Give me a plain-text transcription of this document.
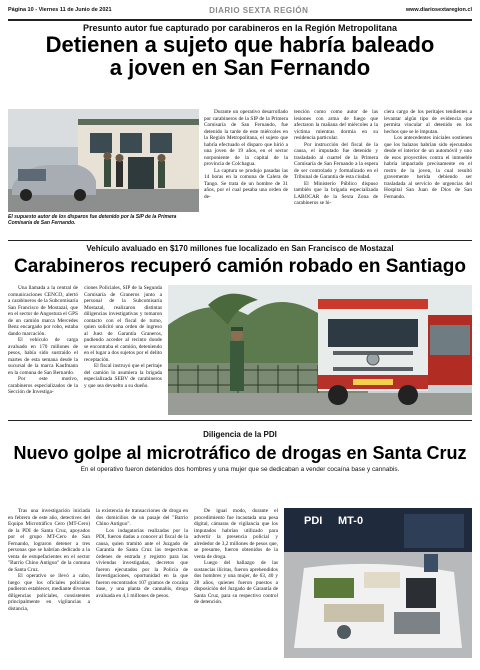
Página 10 - Viernes 11 de Junio de 2021	DIARIO SEXTA REGIÓN	www.diariosextaregion.cl
Presunto autor fue capturado por carabineros en la Región Metropolitana
Detienen a sujeto que habría baleado
a joven en San Fernando
El supuesto autor de los disparos fue detenido por la SIP de la Primera Comisaría de San Fernando.

Durante un operativo desarrollado por carabineros de la SIP de la Primera Comisaría de San Fernando, fue detenido la tarde de este miércoles en la Región Metropolitana, el sujeto que habría efectuado el disparo que hirió a una joven de 19 años, en el sector norponiente de la capital de la provincia de Colchagua.

La captura se produjo pasadas las 14 horas en la comuna de Calera de Tango. Se trata de un hombre de 31 años, por el cual pesaba una orden de de-

tención como como autor de las lesiones con arma de fuego que afectaron la mañana del miércoles a la víctima mientras dormía en su residencia particular.

Por instrucción del fiscal de la causa, el imputado fue detenido y trasladado al cuartel de la Primera Comisaría de San Fernando a la espera de ser controlado y formalizado en el Tribunal de Garantía de esta ciudad.

El Ministerio Público dispuso también que la brigada especializada LABOCAR de la Sexta Zona de carabineros se hi-

ciera cargo de los peritajes tendientes a levantar algún tipo de evidencia que permita vincular al detenido en los hechos que se le imputan.

Los antecedentes iniciales sostienen que los balazos habrían sido ejecutados desde el interior de un automóvil y uno de esos proyectiles contra el inmueble habría impactado precisamente en el rostro de la joven, la cual resultó gravemente herida debiendo ser trasladada al servicio de urgencias del Hospital San Juan de Dios de San Fernando.

Vehículo avaluado en $170 millones fue localizado en San Francisco de Mostazal
Carabineros recuperó camión robado en Santiago

Una llamada a la central de comunicaciones CENCO, alertó a carabineros de la Subcomisaría San Francisco de Mostazal, que en el sector de Angostura el GPS de un camión marca Mercedes Benz encargado por robo, estaba dando marcación.

El vehículo de carga avaluado en 170 millones de pesos, había sido sustraído el martes de esta semana desde la sucursal de la marca Kaufmann en la comuna de San Bernardo.

Por este motivo, carabineros especializados de la Sección de Investiga-

ciones Policiales, SIP de la Segunda Comisaría de Graneros junto a personal de la Subcomisaría Mostazal, realizaron distintas diligencias investigativas y tomaron contacto con el fiscal de turno, quien solicitó una orden de ingreso al Juez de Garantía Graneros, pudiendo acceder al recinto donde se encontraba el camión, deteniendo en el lugar a dos sujetos por el delito receptación.

El fiscal instruyó que el peritaje del camión lo asumiera la brigada especializada SEBV de carabineros y que sea devuelto a su dueño.

Diligencia de la PDI
Nuevo golpe al microtráfico de drogas en Santa Cruz
En el operativo fueron detenidos dos hombres y una mujer que se dedicaban a vender cocaína base y cannabis.

Tras una investigación iniciada en febrero de este año, detectives del Equipo Microtráfico Cero (MT-Cero) de la PDI de Santa Cruz, apoyados por el grupo MT-Cero de San Fernando, lograron detener a tres personas que se habrían dedicado a la venta de estupefacientes en el sector "Barrio Chino Antiguo" de la comuna de Santa Cruz.

El operativo se llevó a cabo, luego que los oficiales policiales pudieron establecer, mediante diversas diligencias policiales, consistentes principalmente en vigilancias a distancia,

la existencia de transacciones de droga en dos domicilios de un pasaje del "Barrio Chino Antiguo".

Los indagatorias realizadas por la PDI, fueron dadas a conocer al fiscal de la causa, quien tramitó ante el Juzgado de Garantía de Santa Cruz las respectivas órdenes de entrada y registro para las viviendas investigadas, decretos que fueron ejecutados por la Policía de Investigaciones, oportunidad en la que fueron encontrados 107 gramos de cocaína base, y una planta de cannabis, droga avaluada en 4,1 millones de pesos.

De igual modo, durante el procedimiento fue incautada una pesa digital, cámaras de vigilancia que los imputados habrían utilizado para advertir la presencia policial y alrededor de 3,2 millones de pesos que, se presume, fueron obtenidos de la venta de droga.

Luego del hallazgo de las sustancias ilícitas, fueron aprehendidos dos hombres y una mujer, de 63, 40 y 28 años, quienes fueron puestos a disposición del Juzgado de Garantía de Santa Cruz, para su respectivo control de detención.

PDI MT-0
